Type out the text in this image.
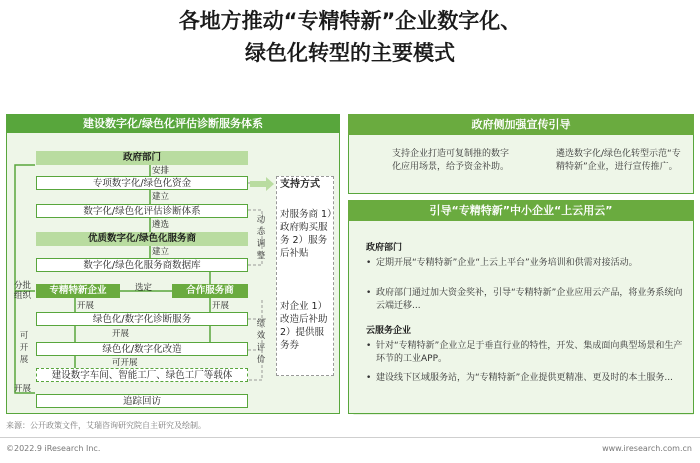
各地方推动“专精特新”企业数字化、
绿色化转型的主要模式
建设数字化/绿色化评估诊断服务体系
政府部门
安排
专项数字化/绿色化资金
建立
数字化/绿色化评估诊断体系
遴选
优质数字化/绿色化服务商
建立
数字化/绿色化服务商数据库
分批组织	专精特新企业	选定	合作服务商
开展	开展
绿色化/数字化诊断服务
开展
可开展
绿色化/数字化改造
可开展
建设数字车间、智能工厂、绿色工厂等载体
开展
追踪回访
动态调整
绩效评价
支持方式
对服务商 1）政府购买服务 2）服务后补贴
对企业 1）改造后补助 2）提供服务券
政府侧加强宣传引导
支持企业打造可复制推的数字化应用场景，给予资金补助。
遴选数字化/绿色化转型示范“专精特新”企业，进行宣传推广。
引导“专精特新”中小企业“上云用云”
政府部门
• 定期开展“专精特新”企业“上云上平台”业务培训和供需对接活动。
• 政府部门通过加大资金奖补，引导“专精特新”企业应用云产品，将业务系统向云端迁移...
云服务企业
• 针对“专精特新”企业立足于垂直行业的特性，开发、集成面向典型场景和生产环节的工业APP。
• 建设线下区域服务站，为“专精特新”企业提供更精准、更及时的本土服务...
来源：公开政策文件，艾瑞咨询研究院自主研究及绘制。
©2022.9 iResearch Inc.	www.iresearch.com.cn
